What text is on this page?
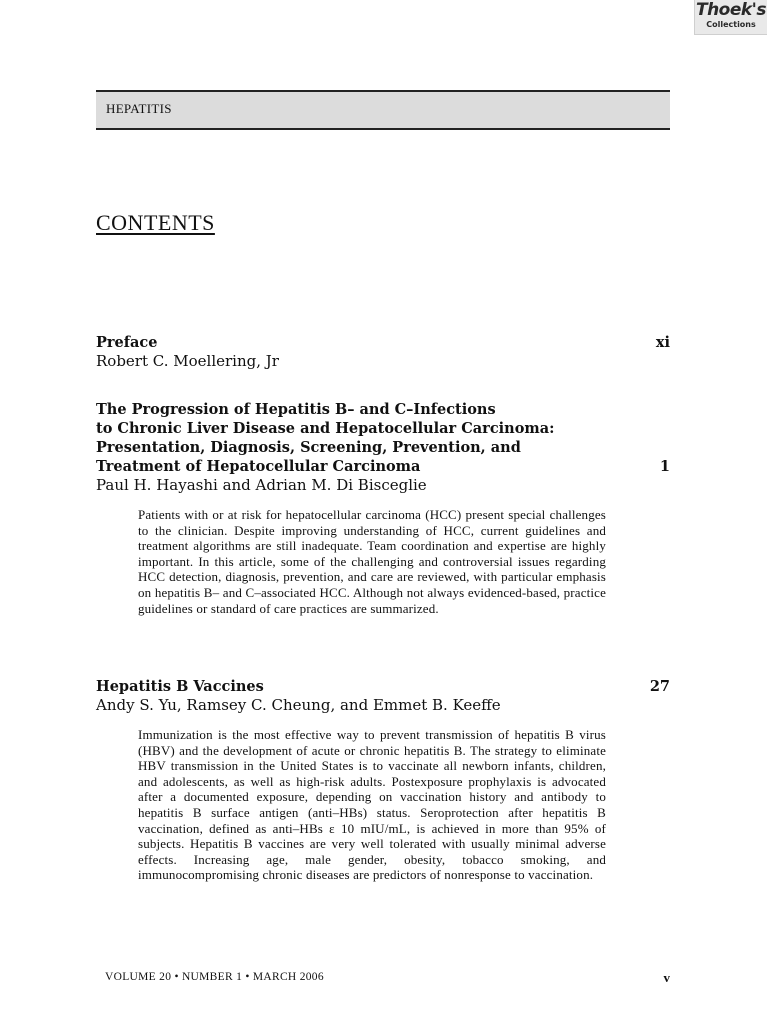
Thoek's
Collections
HEPATITIS
CONTENTS
xi
Preface
Robert C. Moellering, Jr
1
The Progression of Hepatitis B– and C–Infections
to Chronic Liver Disease and Hepatocellular Carcinoma:
Presentation, Diagnosis, Screening, Prevention, and
Treatment of Hepatocellular Carcinoma
Paul H. Hayashi and Adrian M. Di Bisceglie
Patients with or at risk for hepatocellular carcinoma (HCC) present special challenges to the clinician. Despite improving understanding of HCC, current guidelines and treatment algorithms are still inadequate. Team coordination and expertise are highly important. In this article, some of the challenging and controversial issues regarding HCC detection, diagnosis, prevention, and care are reviewed, with particular emphasis on hepatitis B– and C–associated HCC. Although not always evidenced-based, practice guidelines or standard of care practices are summarized.
27
Hepatitis B Vaccines
Andy S. Yu, Ramsey C. Cheung, and Emmet B. Keeffe
Immunization is the most effective way to prevent transmission of hepatitis B virus (HBV) and the development of acute or chronic hepatitis B. The strategy to eliminate HBV transmission in the United States is to vaccinate all newborn infants, children, and adolescents, as well as high-risk adults. Postexposure prophylaxis is advocated after a documented exposure, depending on vaccination history and antibody to hepatitis B surface antigen (anti–HBs) status. Seroprotection after hepatitis B vaccination, defined as anti–HBs ε 10 mIU/mL, is achieved in more than 95% of subjects. Hepatitis B vaccines are very well tolerated with usually minimal adverse effects. Increasing age, male gender, obesity, tobacco smoking, and immunocompromising chronic diseases are predictors of nonresponse to vaccination.
VOLUME 20 • NUMBER 1 • MARCH 2006	v
